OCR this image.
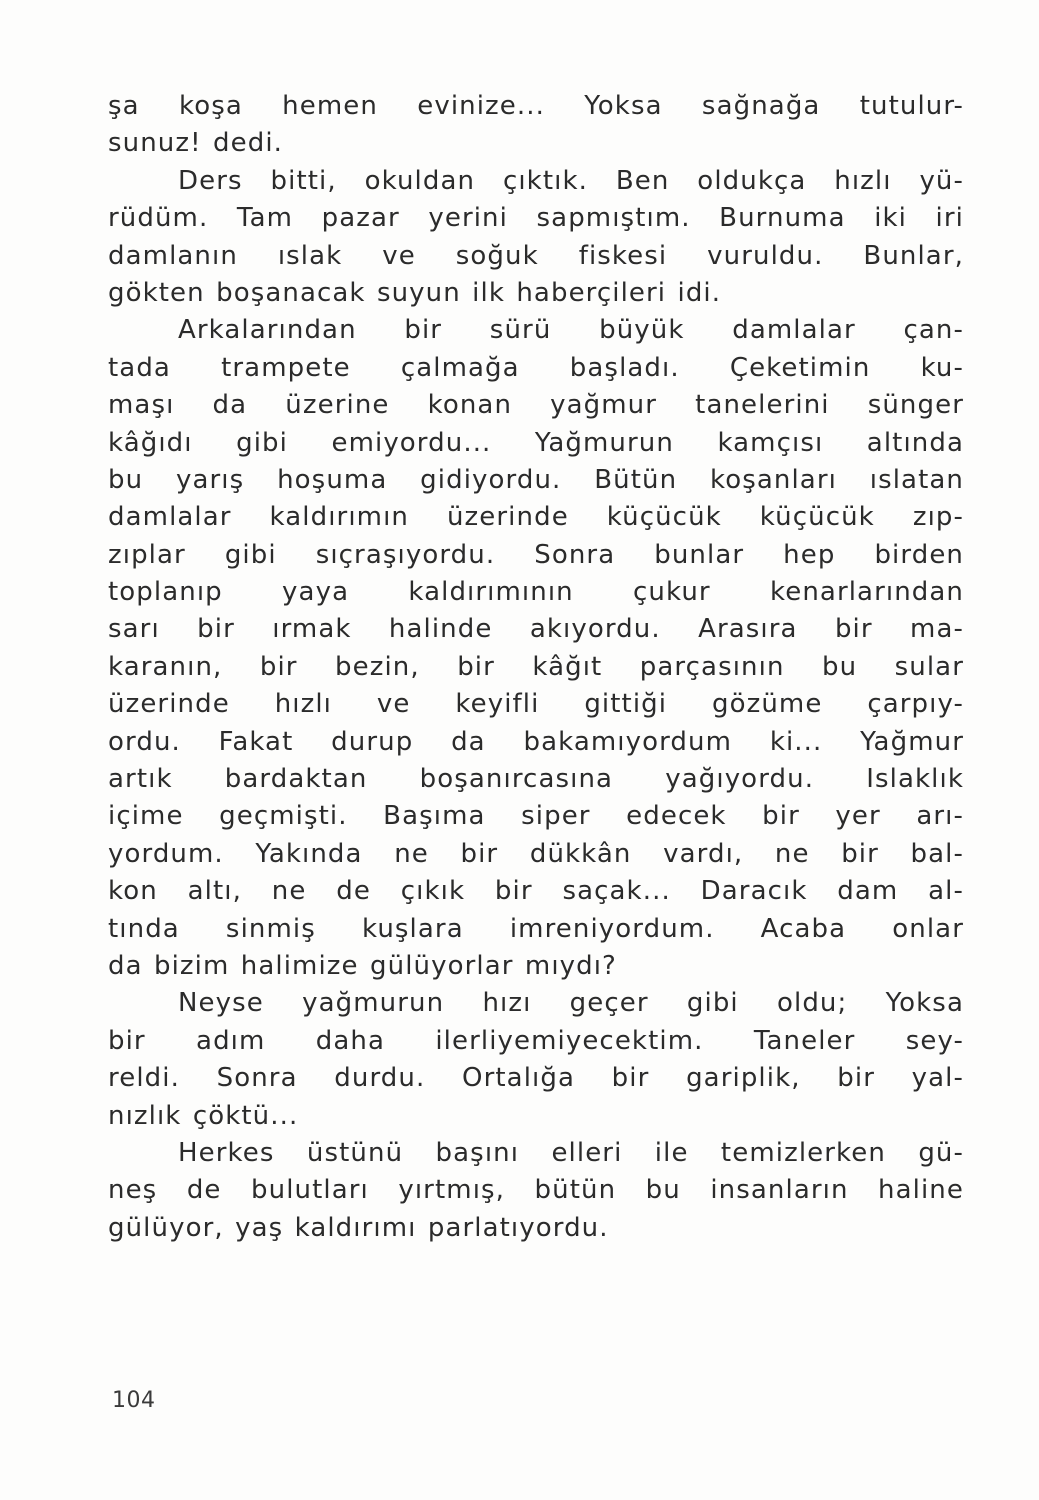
şa koşa hemen evinize... Yoksa sağnağa tutulur-
sunuz! dedi.
Ders bitti, okuldan çıktık. Ben oldukça hızlı yü-
rüdüm. Tam pazar yerini sapmıştım. Burnuma iki iri
damlanın ıslak ve soğuk fiskesi vuruldu. Bunlar,
gökten boşanacak suyun ilk haberçileri idi.
Arkalarından bir sürü büyük damlalar çan-
tada trampete çalmağa başladı. Çeketimin ku-
maşı da üzerine konan yağmur tanelerini sünger
kâğıdı gibi emiyordu... Yağmurun kamçısı altında
bu yarış hoşuma gidiyordu. Bütün koşanları ıslatan
damlalar kaldırımın üzerinde küçücük küçücük zıp-
zıplar gibi sıçraşıyordu. Sonra bunlar hep birden
toplanıp yaya kaldırımının çukur kenarlarından
sarı bir ırmak halinde akıyordu. Arasıra bir ma-
karanın, bir bezin, bir kâğıt parçasının bu sular
üzerinde hızlı ve keyifli gittiği gözüme çarpıy-
ordu. Fakat durup da bakamıyordum ki... Yağmur
artık bardaktan boşanırcasına yağıyordu. Islaklık
içime geçmişti. Başıma siper edecek bir yer arı-
yordum. Yakında ne bir dükkân vardı, ne bir bal-
kon altı, ne de çıkık bir saçak... Daracık dam al-
tında sinmiş kuşlara imreniyordum. Acaba onlar
da bizim halimize gülüyorlar mıydı?
Neyse yağmurun hızı geçer gibi oldu; Yoksa
bir adım daha ilerliyemiyecektim. Taneler sey-
reldi. Sonra durdu. Ortalığa bir gariplik, bir yal-
nızlık çöktü...
Herkes üstünü başını elleri ile temizlerken gü-
neş de bulutları yırtmış, bütün bu insanların haline
gülüyor, yaş kaldırımı parlatıyordu.
104
